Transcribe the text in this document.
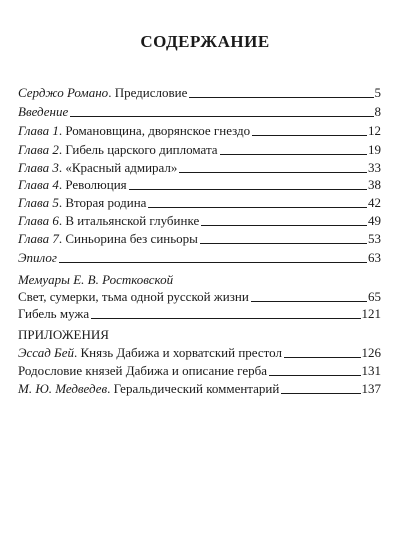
СОДЕРЖАНИЕ
Серджо Романо. Предисловие	5
Введение	8
Глава 1. Романовщина, дворянское гнездо	12
Глава 2. Гибель царского дипломата	19
Глава 3. «Красный адмирал»	33
Глава 4. Революция	38
Глава 5. Вторая родина	42
Глава 6. В итальянской глубинке	49
Глава 7. Синьорина без синьоры	53
Эпилог	63
Мемуары Е. В. Ростковской
Свет, сумерки, тьма одной русской жизни	65
Гибель мужа	121
ПРИЛОЖЕНИЯ
Эссад Бей. Князь Дабижа и хорватский престол	126
Родословие князей Дабижа и описание герба	131
М. Ю. Медведев. Геральдический комментарий	137
